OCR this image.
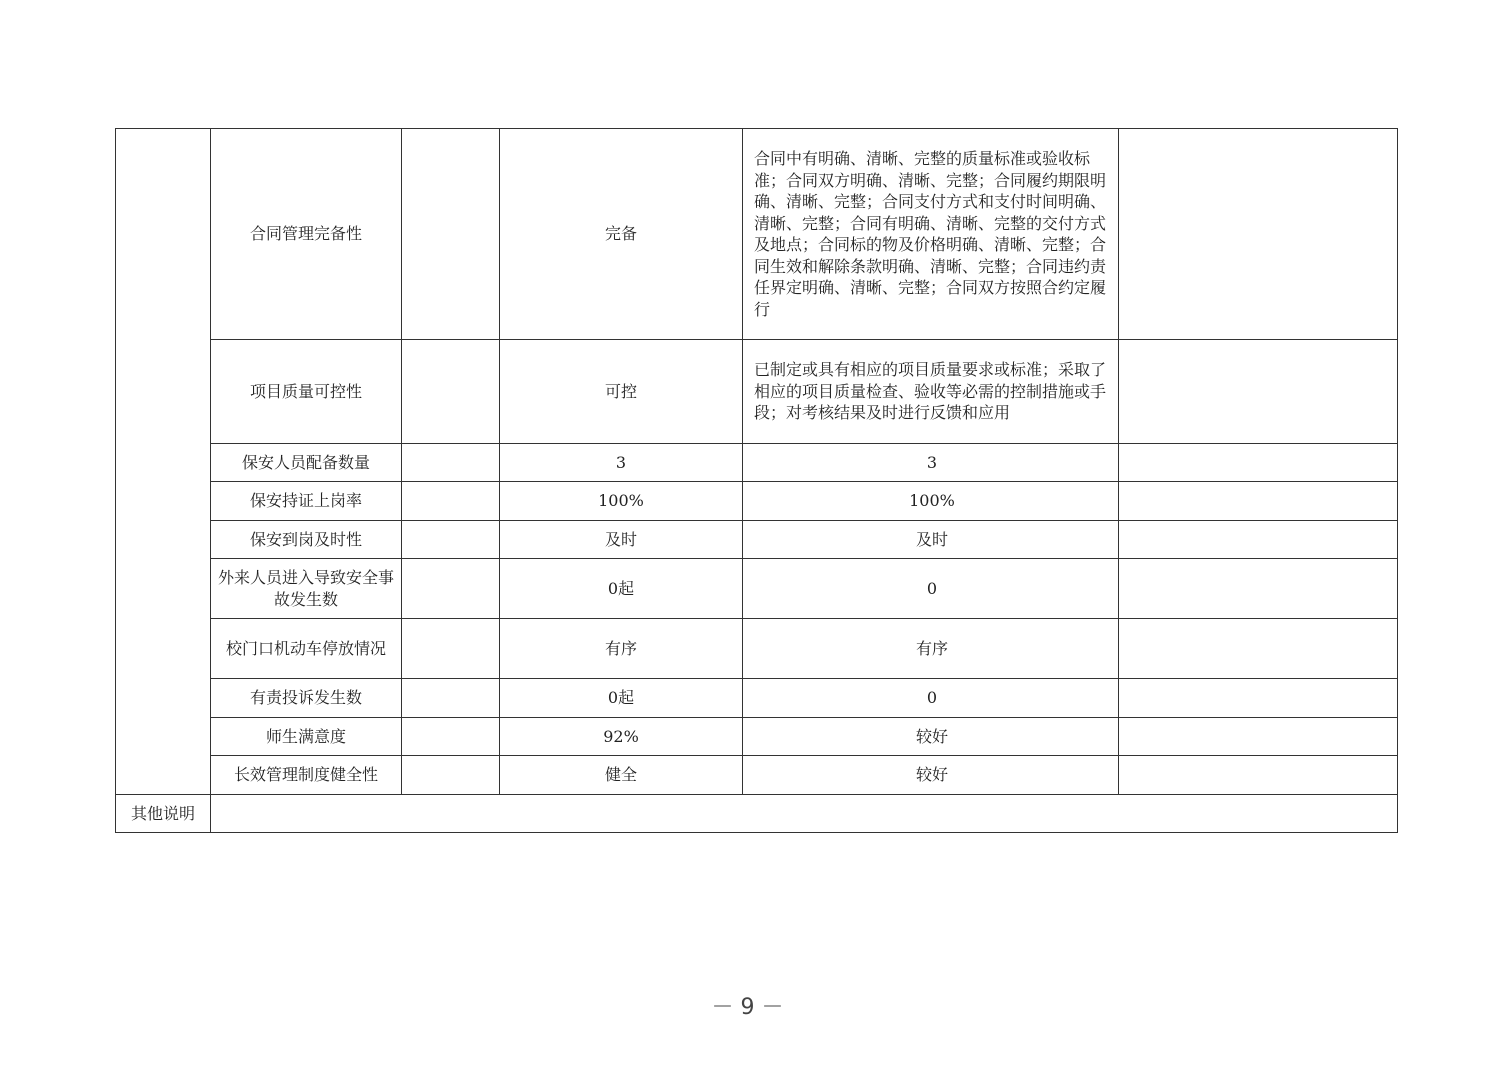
	合同管理完备性		完备	合同中有明确、清晰、完整的质量标准或验收标准；合同双方明确、清晰、完整；合同履约期限明确、清晰、完整；合同支付方式和支付时间明确、清晰、完整；合同有明确、清晰、完整的交付方式及地点；合同标的物及价格明确、清晰、完整；合同生效和解除条款明确、清晰、完整；合同违约责任界定明确、清晰、完整；合同双方按照合约定履行	
	项目质量可控性		可控	已制定或具有相应的项目质量要求或标准；采取了相应的项目质量检查、验收等必需的控制措施或手段；对考核结果及时进行反馈和应用	
	保安人员配备数量		3	3	
	保安持证上岗率		100%	100%	
	保安到岗及时性		及时	及时	
	外来人员进入导致安全事故发生数		0起	0	
	校门口机动车停放情况		有序	有序	
	有责投诉发生数		0起	0	
	师生满意度		92%	较好	
	长效管理制度健全性		健全	较好	
其他说明					
－ 9 －
